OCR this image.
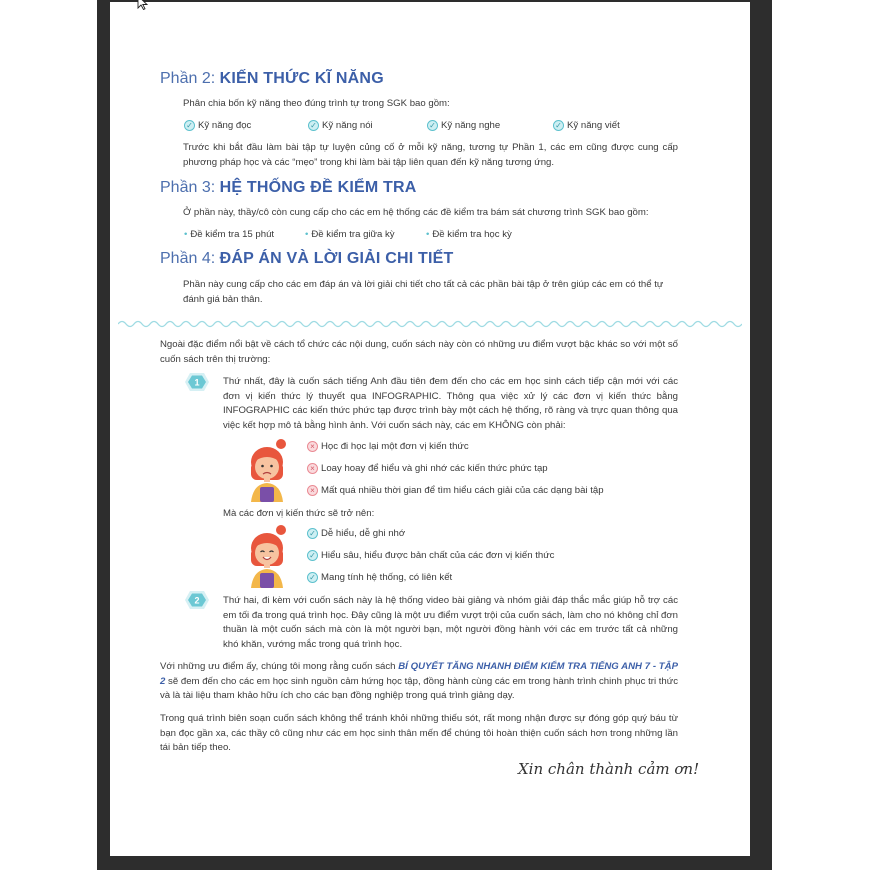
Phần 2: KIẾN THỨC KĨ NĂNG
Phân chia bốn kỹ năng theo đúng trình tự trong SGK bao gồm:
✓ Kỹ năng đọc	✓ Kỹ năng nói	✓ Kỹ năng nghe	✓ Kỹ năng viết
Trước khi bắt đầu làm bài tập tự luyện củng cố ở mỗi kỹ năng, tương tự Phần 1, các em cũng được cung cấp phương pháp học và các “mẹo” trong khi làm bài tập liên quan đến kỹ năng tương ứng.
Phần 3: HỆ THỐNG ĐỀ KIỂM TRA
Ở phần này, thầy/cô còn cung cấp cho các em hệ thống các đề kiểm tra bám sát chương trình SGK bao gồm:
• Đề kiểm tra 15 phút	• Đề kiểm tra giữa kỳ	• Đề kiểm tra học kỳ
Phần 4: ĐÁP ÁN VÀ LỜI GIẢI CHI TIẾT
Phần này cung cấp cho các em đáp án và lời giải chi tiết cho tất cả các phần bài tập ở trên giúp các em có thể tự đánh giá bản thân.
Ngoài đặc điểm nổi bật về cách tổ chức các nội dung, cuốn sách này còn có những ưu điểm vượt bậc khác so với một số cuốn sách trên thị trường:
1 Thứ nhất, đây là cuốn sách tiếng Anh đầu tiên đem đến cho các em học sinh cách tiếp cận mới với các đơn vị kiến thức lý thuyết qua INFOGRAPHIC. Thông qua việc xử lý các đơn vị kiến thức bằng INFOGRAPHIC các kiến thức phức tạp được trình bày một cách hệ thống, rõ ràng và trực quan thông qua việc kết hợp mô tả bằng hình ảnh. Với cuốn sách này, các em KHÔNG còn phải:
× Học đi học lại một đơn vị kiến thức
× Loay hoay để hiểu và ghi nhớ các kiến thức phức tạp
× Mất quá nhiều thời gian để tìm hiểu cách giải của các dạng bài tập
Mà các đơn vị kiến thức sẽ trở nên:
✓ Dễ hiểu, dễ ghi nhớ
✓ Hiểu sâu, hiểu được bản chất của các đơn vị kiến thức
✓ Mang tính hệ thống, có liên kết
2 Thứ hai, đi kèm với cuốn sách này là hệ thống video bài giảng và nhóm giải đáp thắc mắc giúp hỗ trợ các em tối đa trong quá trình học. Đây cũng là một ưu điểm vượt trội của cuốn sách, làm cho nó không chỉ đơn thuần là một cuốn sách mà còn là một người bạn, một người đồng hành với các em trước tất cả những khó khăn, vướng mắc trong quá trình học.
Với những ưu điểm ấy, chúng tôi mong rằng cuốn sách BÍ QUYẾT TĂNG NHANH ĐIỂM KIỂM TRA TIẾNG ANH 7 - TẬP 2 sẽ đem đến cho các em học sinh nguồn cảm hứng học tập, đồng hành cùng các em trong hành trình chinh phục tri thức và là tài liệu tham khảo hữu ích cho các bạn đồng nghiệp trong quá trình giảng dạy.
Trong quá trình biên soạn cuốn sách không thể tránh khỏi những thiếu sót, rất mong nhận được sự đóng góp quý báu từ bạn đọc gần xa, các thầy cô cũng như các em học sinh thân mến để chúng tôi hoàn thiện cuốn sách hơn trong những lần tái bản tiếp theo.
Xin chân thành cảm ơn!
